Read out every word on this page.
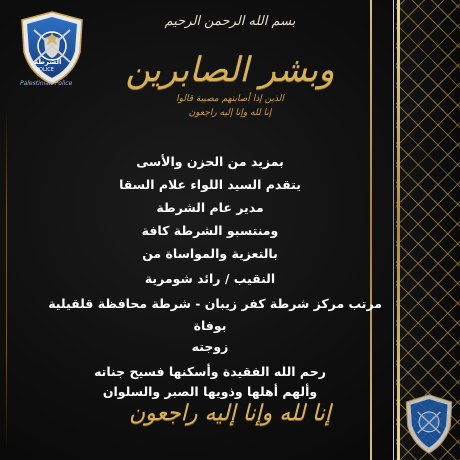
الشرطة
POLICE
Palestinian Police
بسم الله الرحمن الرحيم
وبشر الصابرين
الذين إذا أصابتهم مصيبة قالوا
إنا لله وإنا إليه راجعون
بمزيد من الحزن والأسى
يتقدم السيد اللواء علام السقا
مدير عام الشرطة
ومنتسبو الشرطة كافة
بالتعزية والمواساة من
النقيب / رائد شومرية
مرتب مركز شرطة كفر زيبان - شرطة محافظة قلقيلية
بوفاة
زوجته
رحم الله الفقيدة وأسكنها فسيح جناته
وألهم أهلها وذويها الصبر والسلوان
إنا لله وإنا إليه راجعون
